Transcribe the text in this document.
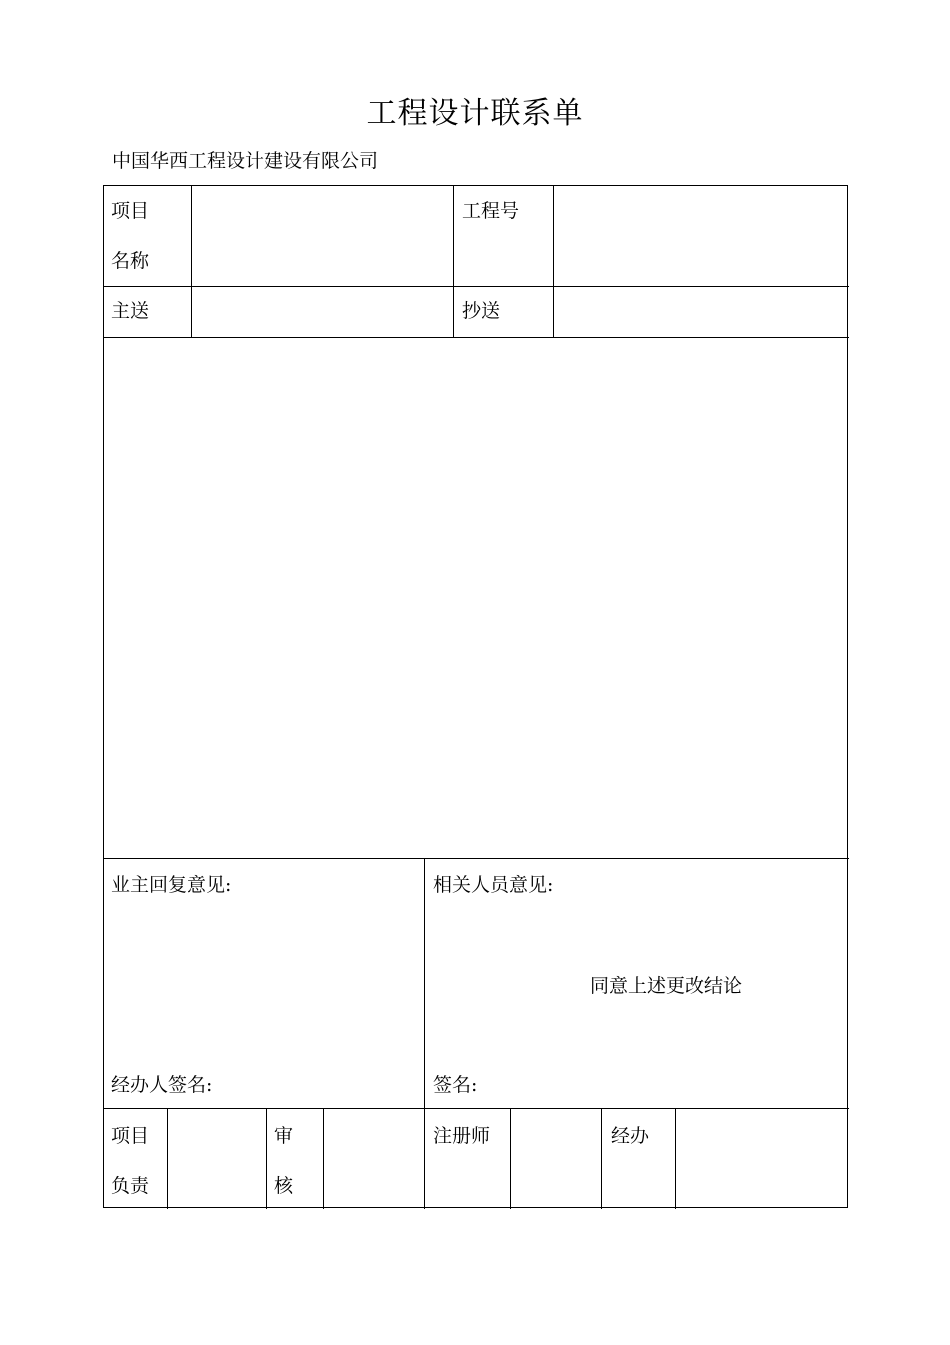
工程设计联系单
中国华西工程设计建设有限公司
项目名称
工程号
主送	抄送
业主回复意见:
经办人签名:
相关人员意见:
同意上述更改结论
签名:
项目负责
审核
注册师	经办
